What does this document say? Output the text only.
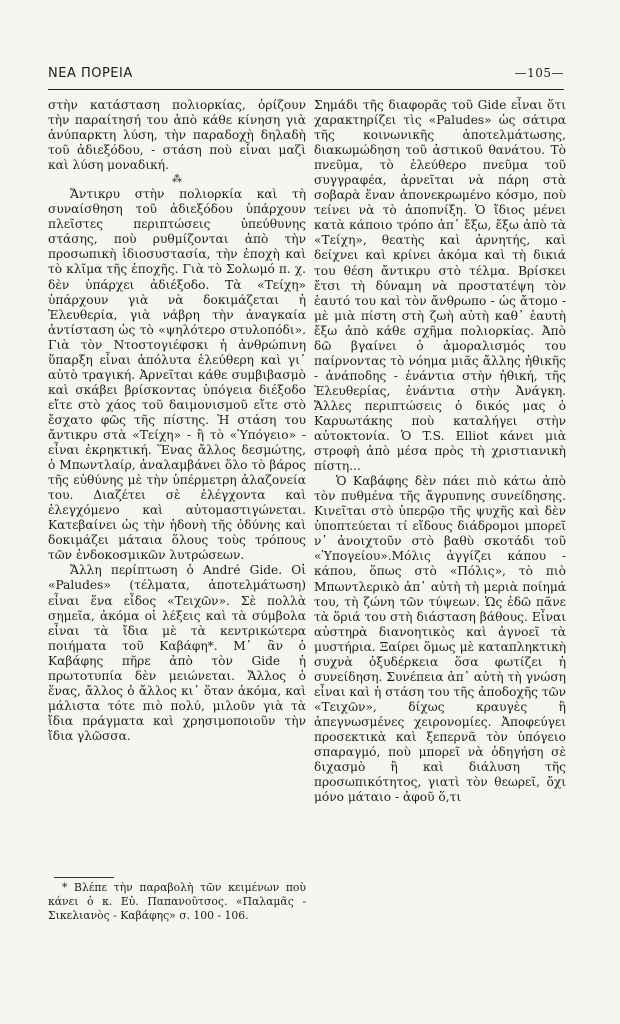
ΝΕΑ ΠΟΡΕΙΑ	—105—

στὴν κατάσταση πολιορκίας, ὁρίζουν τὴν παραίτησή του ἀπὸ κάθε κίνηση γιὰ ἀνύπαρκτη λύση, τὴν παραδοχὴ δηλαδὴ τοῦ ἀδιεξόδου, - στάση ποὺ εἶναι μαζὶ καὶ λύση μοναδική.

⁂

Ἄντικρυ στὴν πολιορκία καὶ τὴ συναίσθηση τοῦ ἀδιεξόδου ὑπάρχουν πλεῖστες περιπτώσεις ὑπεύθυνης στάσης, ποὺ ρυθμίζονται ἀπὸ τὴν προσωπικὴ ἰδιοσυστασία, τὴν ἐποχὴ καὶ τὸ κλῖμα τῆς ἐποχῆς. Γιὰ τὸ Σολωμό π. χ. δὲν ὑπάρχει ἀδιέξοδο. Τὰ «Τείχη» ὑπάρχουν γιὰ νὰ δοκιμάζεται ἡ Ἐλευθερία, γιὰ νάβρη τὴν ἀναγκαία ἀντίσταση ὡς τὸ «ψηλότερο στυλοπόδι». Γιὰ τὸν Ντοστογιέφσκι ἡ ἀνθρώπινη ὕπαρξη εἶναι ἀπόλυτα ἐλεύθερη καὶ γι᾽ αὐτὸ τραγική. Ἀρνεῖται κάθε συμβιβασμὸ καὶ σκάβει βρίσκοντας ὑπόγεια διέξοδο εἴτε στὸ χάος τοῦ δαιμονισμοῦ εἴτε στὸ ἔσχατο φῶς τῆς πίστης. Ἡ στάση του ἄντικρυ στὰ «Τείχη» - ἢ τὸ «Ὑπόγειο» - εἶναι ἐκρηκτική. Ἕνας ἄλλος δεσμώτης, ὁ Μπωντλαίρ, ἀναλαμβάνει ὅλο τὸ βάρος τῆς εὐθύνης μὲ τὴν ὑπέρμετρη ἀλαζονεία του. Διαζέτει σὲ ἐλέγχοντα καὶ ἐλεγχόμενο καὶ αὐτομαστιγώνεται. Κατεβαίνει ὡς τὴν ἡδονὴ τῆς ὀδύνης καὶ δοκιμάζει μάταια ὅλους τοὺς τρόπους τῶν ἐνδοκοσμικῶν λυτρώσεων.

Ἄλλη περίπτωση ὁ André Gide. Οἱ «Paludes» (τέλματα, ἀποτελμάτωση) εἶναι ἕνα εἶδος «Τειχῶν». Σὲ πολλὰ σημεῖα, ἀκόμα οἱ λέξεις καὶ τὰ σύμβολα εἶναι τὰ ἴδια μὲ τὰ κεντρικώτερα ποιήματα τοῦ Καβάφη*. Μ᾽ ἂν ὁ Καβάφης πῆρε ἀπὸ τὸν Gide ἡ πρωτοτυπία δὲν μειώνεται. Ἄλλος ὁ ἕνας, ἄλλος ὁ ἄλλος κι᾽ ὅταν ἀκόμα, καὶ μάλιστα τότε πιὸ πολύ, μιλοῦν γιὰ τὰ ἴδια πράγματα καὶ χρησιμοποιοῦν τὴν ἴδια γλῶσσα.

* Βλέπε τὴν παραβολὴ τῶν κειμένων ποὺ κάνει ὁ κ. Εὐ. Παπανοῦτσος. «Παλαμᾶς - Σικελιανὸς - Καβάφης» σ. 100 - 106.

Σημάδι τῆς διαφορᾶς τοῦ Gide εἶναι ὅτι χαρακτηρίζει τὶς «Paludes» ὡς σάτιρα τῆς κοινωνικῆς ἀποτελμάτωσης, διακωμώδηση τοῦ ἀστικοῦ θανάτου. Τὸ πνεῦμα, τὸ ἐλεύθερο πνεῦμα τοῦ συγγραφέα, ἀρνεῖται νὰ πάρη στὰ σοβαρὰ ἕναν ἀπονεκρωμένο κόσμο, ποὺ τείνει νὰ τὸ ἀποπνίξη. Ὁ ἴδιος μένει κατὰ κάποιο τρόπο ἀπ᾽ ἔξω, ἔξω ἀπὸ τὰ «Τείχη», θεατὴς καὶ ἀρνητής, καὶ δείχνει καὶ κρίνει ἀκόμα καὶ τὴ δικιά του θέση ἄντικρυ στὸ τέλμα. Βρίσκει ἔτσι τὴ δύναμη νὰ προστατέψη τὸν ἑαυτό του καὶ τὸν ἄνθρωπο - ὡς ἄτομο - μὲ μιὰ πίστη στὴ ζωὴ αὐτὴ καθ᾽ ἑαυτὴ ἔξω ἀπὸ κάθε σχῆμα πολιορκίας. Ἀπὸ δῶ βγαίνει ὁ ἀμοραλισμός του παίρνοντας τὸ νόημα μιᾶς ἄλλης ἠθικῆς - ἀνάποδης - ἐνάντια στὴν ἠθική, τῆς Ἐλευθερίας, ἐνάντια στὴν Ἀνάγκη. Ἄλλες περιπτώσεις ὁ δικός μας ὁ Καρυωτάκης ποὺ καταλήγει στὴν αὐτοκτονία. Ὁ T.S. Elliot κάνει μιὰ στροφὴ ἀπὸ μέσα πρὸς τὴ χριστιανικὴ πίστη...

Ὁ Καβάφης δὲν πάει πιὸ κάτω ἀπὸ τὸν πυθμένα τῆς ἄγρυπνης συνείδησης. Κινεῖται στὸ ὑπερῷο τῆς ψυχῆς καὶ δὲν ὑποπτεύεται τί εἴδους διάδρομοι μπορεῖ ν᾽ ἀνοιχτοῦν στὸ βαθὺ σκοτάδι τοῦ «Ὑπογείου».Μόλις ἀγγίζει κάπου - κάπου, ὅπως στὸ «Πόλις», τὸ πιὸ Μπωντλερικὸ ἀπ᾽ αὐτὴ τὴ μεριὰ ποίημά του, τὴ ζώνη τῶν τύψεων. Ὡς ἐδῶ πᾶνε τὰ ὅριά του στὴ διάσταση βάθους. Εἶναι αὐστηρὰ διανοητικὸς καὶ ἀγνοεῖ τὰ μυστήρια. Ξαίρει ὅμως μὲ καταπληκτικὴ συχνὰ ὀξυδέρκεια ὅσα φωτίζει ἡ συνείδηση. Συνέπεια ἀπ᾽ αὐτὴ τὴ γνώση εἶναι καὶ ἡ στάση του τῆς ἀποδοχῆς τῶν «Τειχῶν», δίχως κραυγὲς ἢ ἀπεγνωσμένες χειρονομίες. Ἀποφεύγει προσεκτικὰ καὶ ξεπερνᾶ τὸν ὑπόγειο σπαραγμό, ποὺ μπορεῖ νὰ ὁδηγήση σὲ διχασμὸ ἢ καὶ διάλυση τῆς προσωπικότητος, γιατὶ τὸν θεωρεῖ, ὄχι μόνο μάταιο - ἀφοῦ ὅ,τι
